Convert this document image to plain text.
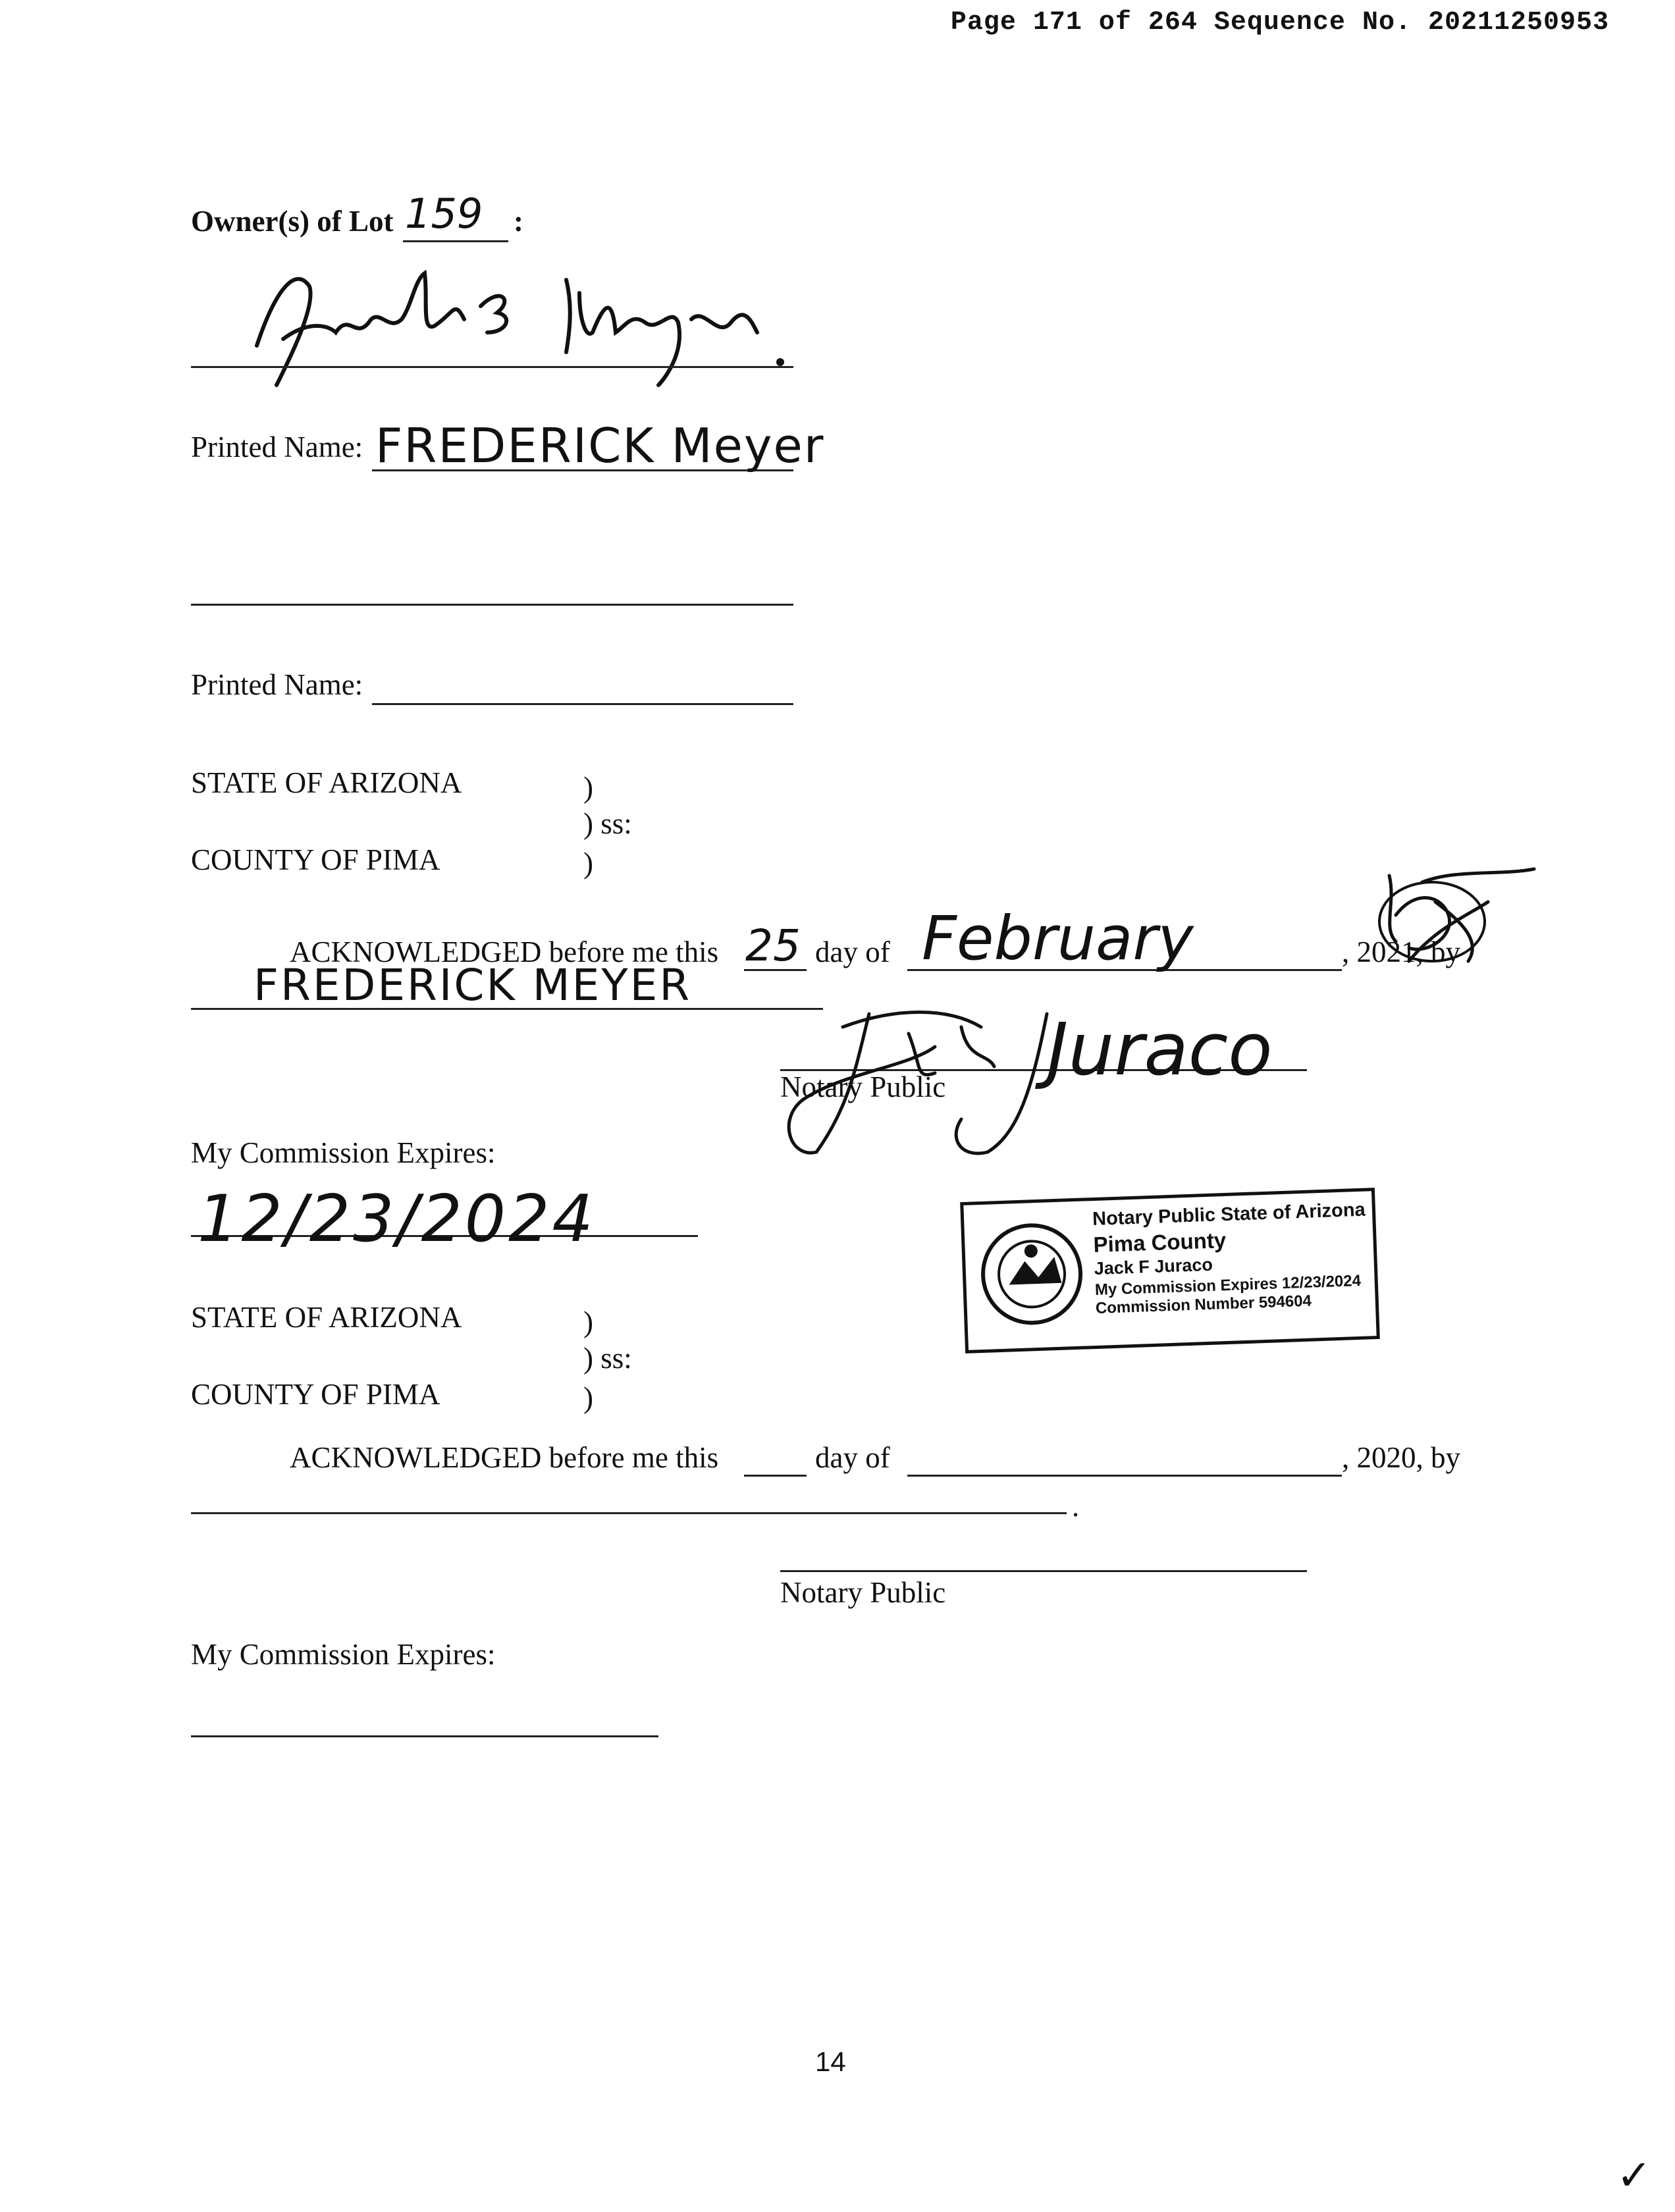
Page 171 of 264 Sequence No. 20211250953
Owner(s) of Lot 159 :
Printed Name: FREDERICK Meyer
Printed Name:
STATE OF ARIZONA	)
) ss:
COUNTY OF PIMA	)
ACKNOWLEDGED before me this 25 day of February	, 2021, by
FREDERICK MEYER
Juraco
Notary Public
My Commission Expires:
12/23/2024	Notary Public State of Arizona
Pima County
Jack F Juraco
My Commission Expires 12/23/2024
Commission Number 594604
STATE OF ARIZONA	)
) ss:
COUNTY OF PIMA	)
ACKNOWLEDGED before me this	day of	, 2020, by
.
Notary Public
My Commission Expires:
14
✓
